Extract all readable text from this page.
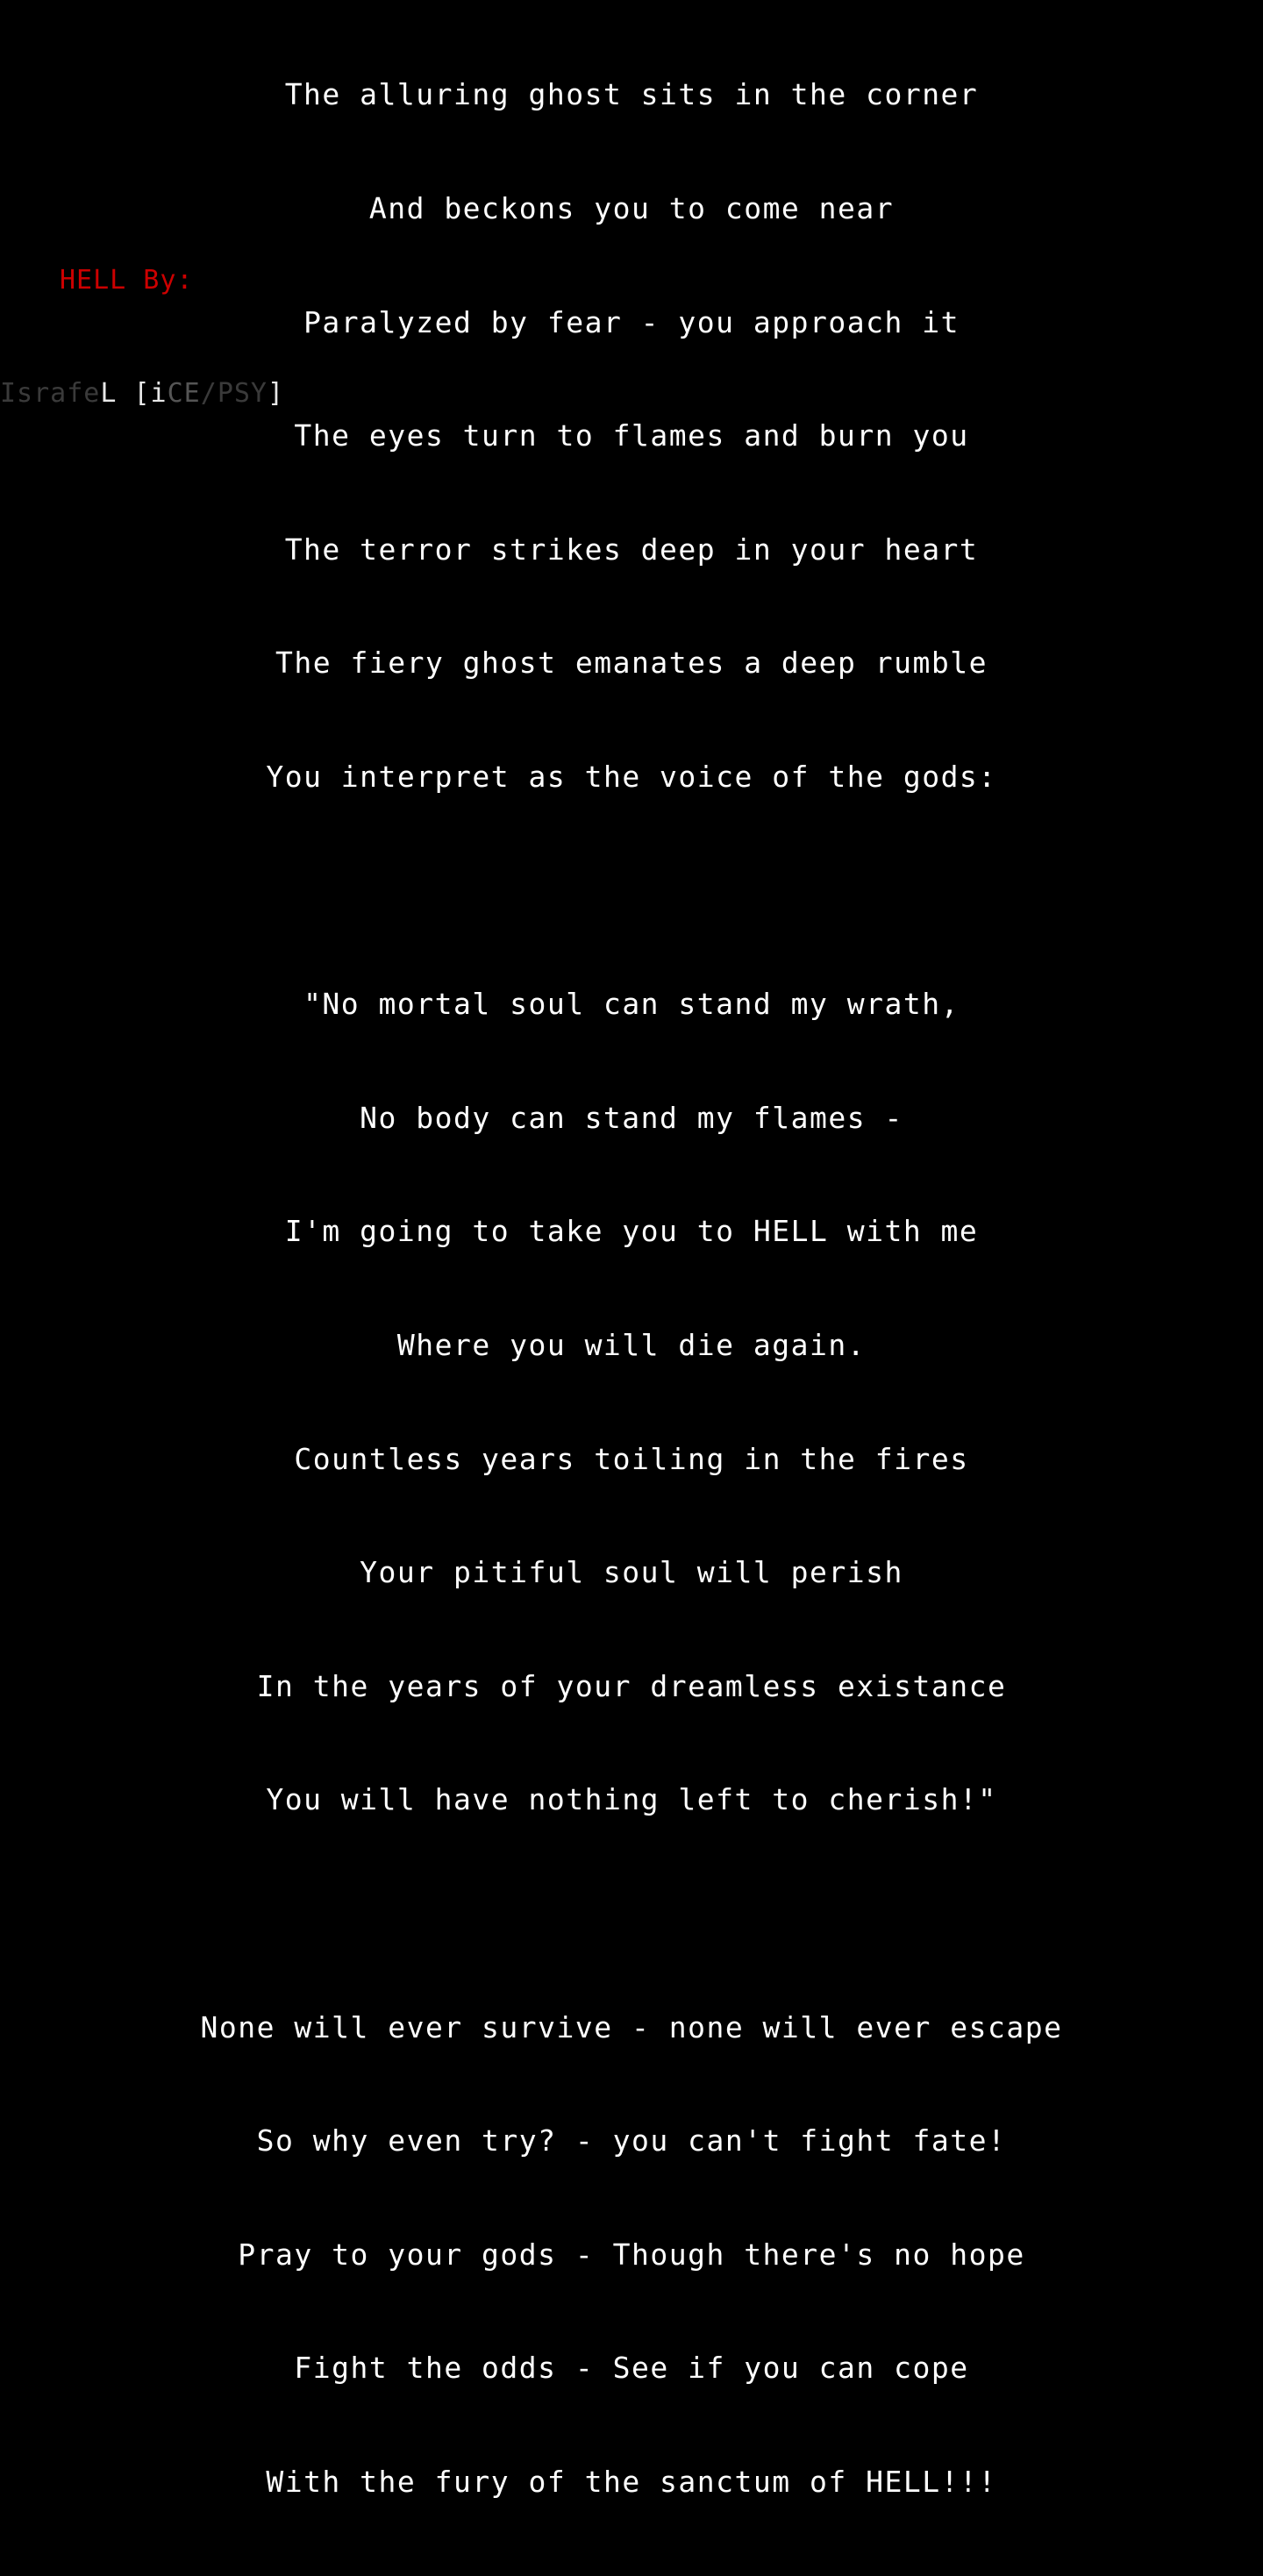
HELL By:

IsrafeL [iCE/PSY]

The alluring ghost sits in the corner

And beckons you to come near

Paralyzed by fear - you approach it

The eyes turn to flames and burn you

The terror strikes deep in your heart

The fiery ghost emanates a deep rumble

You interpret as the voice of the gods:

"No mortal soul can stand my wrath,

No body can stand my flames -

I'm going to take you to HELL with me

Where you will die again.

Countless years toiling in the fires

Your pitiful soul will perish

In the years of your dreamless existance

You will have nothing left to cherish!"

None will ever survive - none will ever escape

So why even try? - you can't fight fate!

Pray to your gods - Though there's no hope

Fight the odds - See if you can cope

With the fury of the sanctum of HELL!!!
